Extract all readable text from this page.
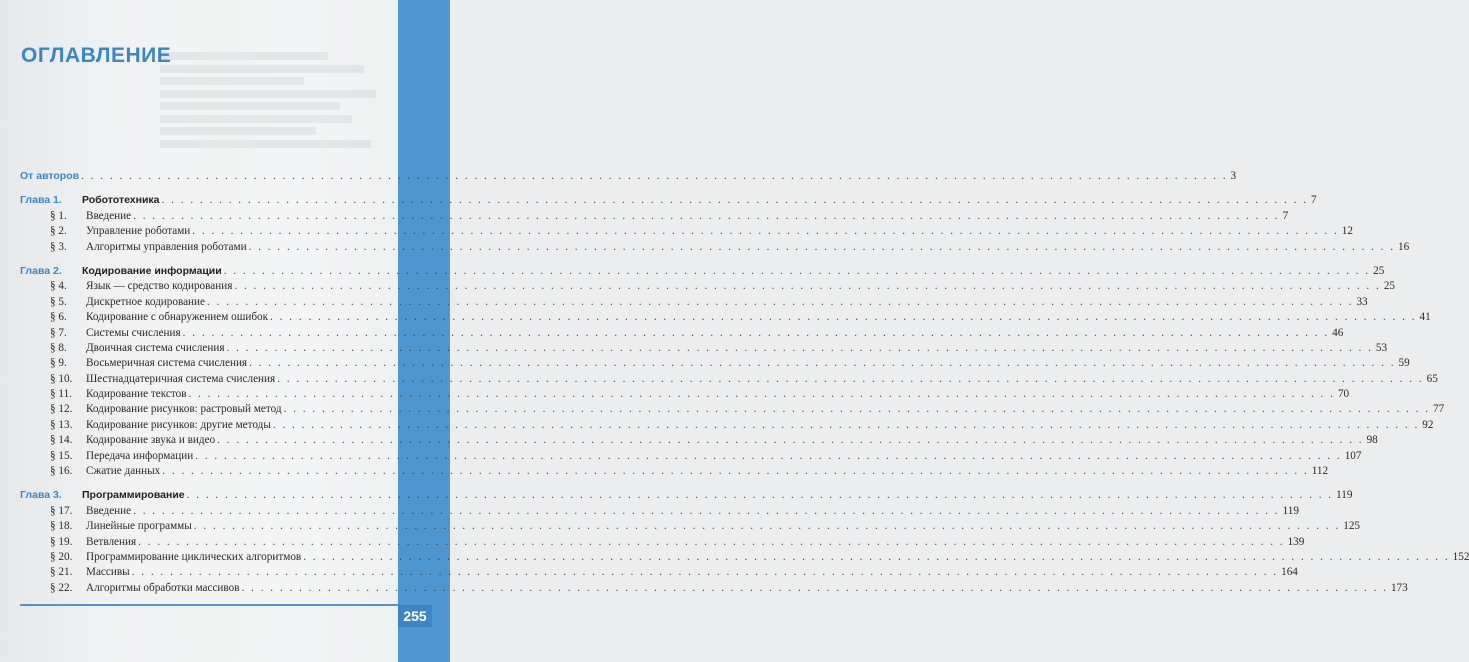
ОГЛАВЛЕНИЕ
От авторов . . . . . . . . . . . . . . . . . . . . . . . . . . . . . . . . . . . . . . . . . . . . . . . . . . . . . . . . . . . . . . . . . . . . . . . . . . . . . . . . . . . . . . . . . . . . . . . . . . . . . . . . . . . . . . . . . . . . . . . . 3
Глава 1.	Робототехника . . . . . . . . . . . . . . . . . . . . . . . . . . . . . . . . . . . . . . . . . . . . . . . . . . . . . . . . . . . . . . . . . . . . . . . . . . . . . . . . . . . . . . . . . . . . . . . . . . . . . . . . . . . . . . . . . . . . . . . . 7
§ 1.	Введение . . . . . . . . . . . . . . . . . . . . . . . . . . . . . . . . . . . . . . . . . . . . . . . . . . . . . . . . . . . . . . . . . . . . . . . . . . . . . . . . . . . . . . . . . . . . . . . . . . . . . . . . . . . . . . . . . . . . . . . . 7
§ 2.	Управление роботами . . . . . . . . . . . . . . . . . . . . . . . . . . . . . . . . . . . . . . . . . . . . . . . . . . . . . . . . . . . . . . . . . . . . . . . . . . . . . . . . . . . . . . . . . . . . . . . . . . . . . . . . . . . . . . . . . . . . . . . . 12
§ 3.	Алгоритмы управления роботами . . . . . . . . . . . . . . . . . . . . . . . . . . . . . . . . . . . . . . . . . . . . . . . . . . . . . . . . . . . . . . . . . . . . . . . . . . . . . . . . . . . . . . . . . . . . . . . . . . . . . . . . . . . . . . . . . . . . . . . . 16
Глава 2.	Кодирование информации . . . . . . . . . . . . . . . . . . . . . . . . . . . . . . . . . . . . . . . . . . . . . . . . . . . . . . . . . . . . . . . . . . . . . . . . . . . . . . . . . . . . . . . . . . . . . . . . . . . . . . . . . . . . . . . . . . . . . . . . 25
§ 4.	Язык — средство кодирования . . . . . . . . . . . . . . . . . . . . . . . . . . . . . . . . . . . . . . . . . . . . . . . . . . . . . . . . . . . . . . . . . . . . . . . . . . . . . . . . . . . . . . . . . . . . . . . . . . . . . . . . . . . . . . . . . . . . . . . . 25
§ 5.	Дискретное кодирование . . . . . . . . . . . . . . . . . . . . . . . . . . . . . . . . . . . . . . . . . . . . . . . . . . . . . . . . . . . . . . . . . . . . . . . . . . . . . . . . . . . . . . . . . . . . . . . . . . . . . . . . . . . . . . . . . . . . . . . . 33
§ 6.	Кодирование с обнаружением ошибок . . . . . . . . . . . . . . . . . . . . . . . . . . . . . . . . . . . . . . . . . . . . . . . . . . . . . . . . . . . . . . . . . . . . . . . . . . . . . . . . . . . . . . . . . . . . . . . . . . . . . . . . . . . . . . . . . . . . . . . . 41
§ 7.	Системы счисления . . . . . . . . . . . . . . . . . . . . . . . . . . . . . . . . . . . . . . . . . . . . . . . . . . . . . . . . . . . . . . . . . . . . . . . . . . . . . . . . . . . . . . . . . . . . . . . . . . . . . . . . . . . . . . . . . . . . . . . . 46
§ 8.	Двоичная система счисления . . . . . . . . . . . . . . . . . . . . . . . . . . . . . . . . . . . . . . . . . . . . . . . . . . . . . . . . . . . . . . . . . . . . . . . . . . . . . . . . . . . . . . . . . . . . . . . . . . . . . . . . . . . . . . . . . . . . . . . . 53
§ 9.	Восьмеричная система счисления . . . . . . . . . . . . . . . . . . . . . . . . . . . . . . . . . . . . . . . . . . . . . . . . . . . . . . . . . . . . . . . . . . . . . . . . . . . . . . . . . . . . . . . . . . . . . . . . . . . . . . . . . . . . . . . . . . . . . . . . 59
§ 10.	Шестнадцатеричная система счисления . . . . . . . . . . . . . . . . . . . . . . . . . . . . . . . . . . . . . . . . . . . . . . . . . . . . . . . . . . . . . . . . . . . . . . . . . . . . . . . . . . . . . . . . . . . . . . . . . . . . . . . . . . . . . . . . . . . . . . . . 65
§ 11.	Кодирование текстов . . . . . . . . . . . . . . . . . . . . . . . . . . . . . . . . . . . . . . . . . . . . . . . . . . . . . . . . . . . . . . . . . . . . . . . . . . . . . . . . . . . . . . . . . . . . . . . . . . . . . . . . . . . . . . . . . . . . . . . . 70
§ 12.	Кодирование рисунков: растровый метод . . . . . . . . . . . . . . . . . . . . . . . . . . . . . . . . . . . . . . . . . . . . . . . . . . . . . . . . . . . . . . . . . . . . . . . . . . . . . . . . . . . . . . . . . . . . . . . . . . . . . . . . . . . . . . . . . . . . . . . . 77
§ 13.	Кодирование рисунков: другие методы . . . . . . . . . . . . . . . . . . . . . . . . . . . . . . . . . . . . . . . . . . . . . . . . . . . . . . . . . . . . . . . . . . . . . . . . . . . . . . . . . . . . . . . . . . . . . . . . . . . . . . . . . . . . . . . . . . . . . . . . 92
§ 14.	Кодирование звука и видео . . . . . . . . . . . . . . . . . . . . . . . . . . . . . . . . . . . . . . . . . . . . . . . . . . . . . . . . . . . . . . . . . . . . . . . . . . . . . . . . . . . . . . . . . . . . . . . . . . . . . . . . . . . . . . . . . . . . . . . . 98
§ 15.	Передача информации . . . . . . . . . . . . . . . . . . . . . . . . . . . . . . . . . . . . . . . . . . . . . . . . . . . . . . . . . . . . . . . . . . . . . . . . . . . . . . . . . . . . . . . . . . . . . . . . . . . . . . . . . . . . . . . . . . . . . . . . 107
§ 16.	Сжатие данных . . . . . . . . . . . . . . . . . . . . . . . . . . . . . . . . . . . . . . . . . . . . . . . . . . . . . . . . . . . . . . . . . . . . . . . . . . . . . . . . . . . . . . . . . . . . . . . . . . . . . . . . . . . . . . . . . . . . . . . . 112
Глава 3.	Программирование . . . . . . . . . . . . . . . . . . . . . . . . . . . . . . . . . . . . . . . . . . . . . . . . . . . . . . . . . . . . . . . . . . . . . . . . . . . . . . . . . . . . . . . . . . . . . . . . . . . . . . . . . . . . . . . . . . . . . . . . 119
§ 17.	Введение . . . . . . . . . . . . . . . . . . . . . . . . . . . . . . . . . . . . . . . . . . . . . . . . . . . . . . . . . . . . . . . . . . . . . . . . . . . . . . . . . . . . . . . . . . . . . . . . . . . . . . . . . . . . . . . . . . . . . . . . 119
§ 18.	Линейные программы . . . . . . . . . . . . . . . . . . . . . . . . . . . . . . . . . . . . . . . . . . . . . . . . . . . . . . . . . . . . . . . . . . . . . . . . . . . . . . . . . . . . . . . . . . . . . . . . . . . . . . . . . . . . . . . . . . . . . . . . 125
§ 19.	Ветвления . . . . . . . . . . . . . . . . . . . . . . . . . . . . . . . . . . . . . . . . . . . . . . . . . . . . . . . . . . . . . . . . . . . . . . . . . . . . . . . . . . . . . . . . . . . . . . . . . . . . . . . . . . . . . . . . . . . . . . . . 139
§ 20.	Программирование циклических алгоритмов . . . . . . . . . . . . . . . . . . . . . . . . . . . . . . . . . . . . . . . . . . . . . . . . . . . . . . . . . . . . . . . . . . . . . . . . . . . . . . . . . . . . . . . . . . . . . . . . . . . . . . . . . . . . . . . . . . . . . . . . 152
§ 21.	Массивы . . . . . . . . . . . . . . . . . . . . . . . . . . . . . . . . . . . . . . . . . . . . . . . . . . . . . . . . . . . . . . . . . . . . . . . . . . . . . . . . . . . . . . . . . . . . . . . . . . . . . . . . . . . . . . . . . . . . . . . . 164
§ 22.	Алгоритмы обработки массивов . . . . . . . . . . . . . . . . . . . . . . . . . . . . . . . . . . . . . . . . . . . . . . . . . . . . . . . . . . . . . . . . . . . . . . . . . . . . . . . . . . . . . . . . . . . . . . . . . . . . . . . . . . . . . . . . . . . . . . . . 173
255
